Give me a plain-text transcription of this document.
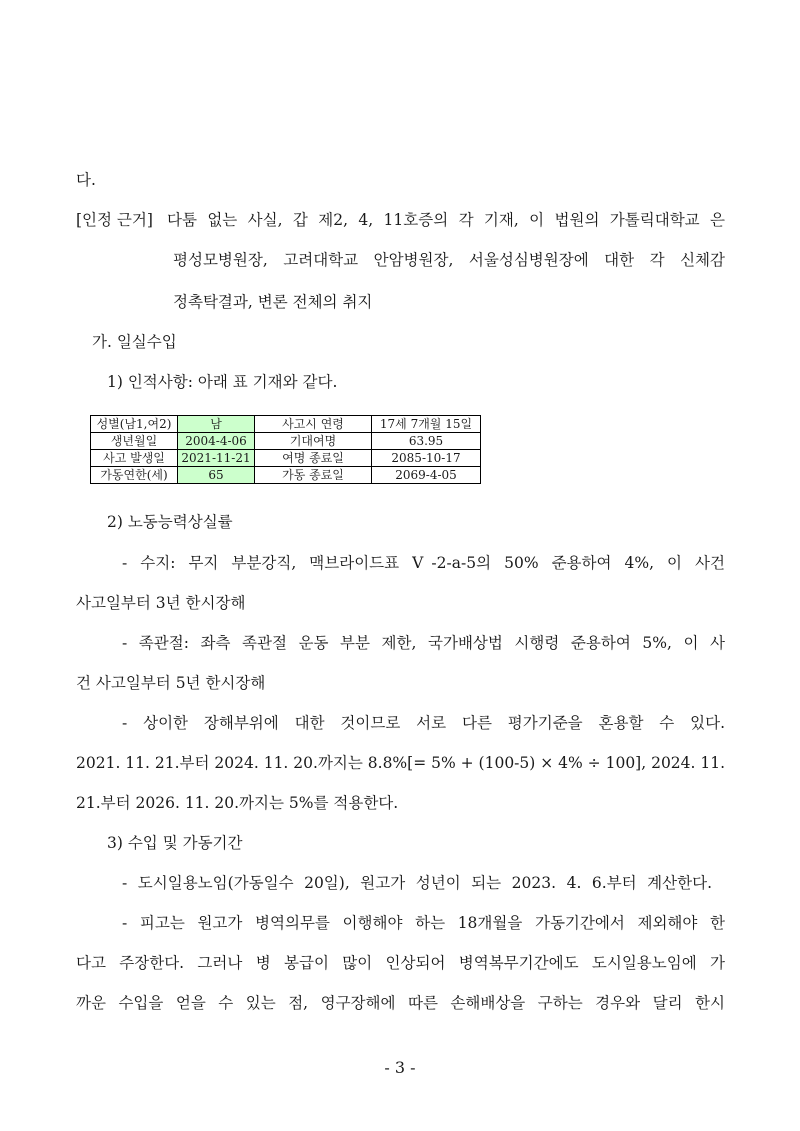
다.
[인정 근거] 다툼 없는 사실, 갑 제2, 4, 11호증의 각 기재, 이 법원의 가톨릭대학교 은
평성모병원장, 고려대학교 안암병원장, 서울성심병원장에 대한 각 신체감
정촉탁결과, 변론 전체의 취지
가. 일실수입
1) 인적사항: 아래 표 기재와 같다.
성별(남1,여2)	남	사고시 연령	17세 7개월 15일
생년월일	2004-4-06	기대여명	63.95
사고 발생일	2021-11-21	여명 종료일	2085-10-17
가동연한(세)	65	가동 종료일	2069-4-05
2) 노동능력상실률
- 수지: 무지 부분강직, 맥브라이드표 Ⅴ-2-a-5의 50% 준용하여 4%, 이 사건
사고일부터 3년 한시장해
- 족관절: 좌측 족관절 운동 부분 제한, 국가배상법 시행령 준용하여 5%, 이 사
건 사고일부터 5년 한시장해
- 상이한 장해부위에 대한 것이므로 서로 다른 평가기준을 혼용할 수 있다.
2021. 11. 21.부터 2024. 11. 20.까지는 8.8%[= 5% + (100-5) × 4% ÷ 100], 2024. 11.
21.부터 2026. 11. 20.까지는 5%를 적용한다.
3) 수입 및 가동기간
- 도시일용노임(가동일수 20일), 원고가 성년이 되는 2023. 4. 6.부터 계산한다.
- 피고는 원고가 병역의무를 이행해야 하는 18개월을 가동기간에서 제외해야 한
다고 주장한다. 그러나 병 봉급이 많이 인상되어 병역복무기간에도 도시일용노임에 가
까운 수입을 얻을 수 있는 점, 영구장해에 따른 손해배상을 구하는 경우와 달리 한시
- 3 -
